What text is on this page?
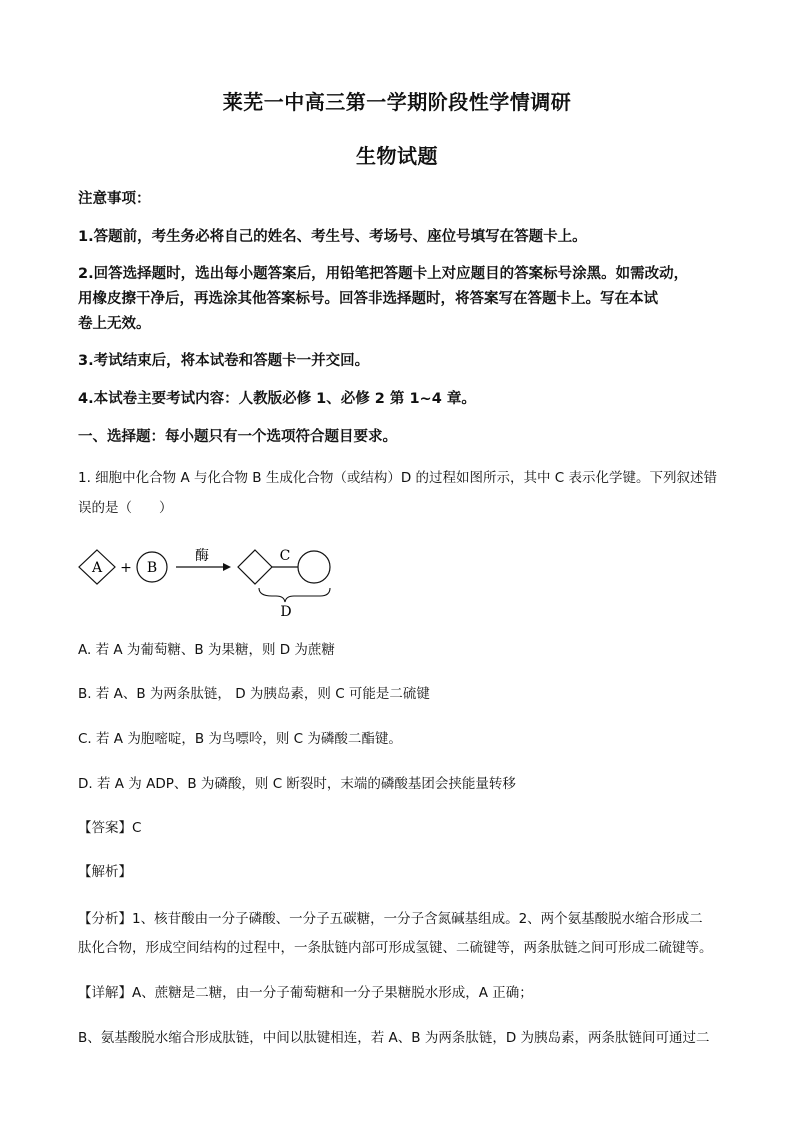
莱芜一中高三第一学期阶段性学情调研
生物试题
注意事项：
1.答题前，考生务必将自己的姓名、考生号、考场号、座位号填写在答题卡上。
2.回答选择题时，选出每小题答案后，用铅笔把答题卡上对应题目的答案标号涂黑。如需改动，
用橡皮擦干净后，再选涂其他答案标号。回答非选择题时，将答案写在答题卡上。写在本试
卷上无效。
3.考试结束后，将本试卷和答题卡一并交回。
4.本试卷主要考试内容：人教版必修 1、必修 2 第 1~4 章。
一、选择题：每小题只有一个选项符合题目要求。
1. 细胞中化合物 A 与化合物 B 生成化合物（或结构）D 的过程如图所示，其中 C 表示化学键。下列叙述错
误的是（　　）
A + B
酶	C
D
A. 若 A 为葡萄糖、B 为果糖，则 D 为蔗糖
B. 若 A、B 为两条肽链， D 为胰岛素，则 C 可能是二硫键
C. 若 A 为胞嘧啶，B 为鸟嘌呤，则 C 为磷酸二酯键。
D. 若 A 为 ADP、B 为磷酸，则 C 断裂时，末端的磷酸基团会挟能量转移
【答案】C
【解析】
【分析】1、核苷酸由一分子磷酸、一分子五碳糖，一分子含氮碱基组成。2、两个氨基酸脱水缩合形成二
肽化合物，形成空间结构的过程中，一条肽链内部可形成氢键、二硫键等，两条肽链之间可形成二硫键等。
【详解】A、蔗糖是二糖，由一分子葡萄糖和一分子果糖脱水形成，A 正确；
B、氨基酸脱水缩合形成肽链，中间以肽键相连，若 A、B 为两条肽链，D 为胰岛素，两条肽链间可通过二
